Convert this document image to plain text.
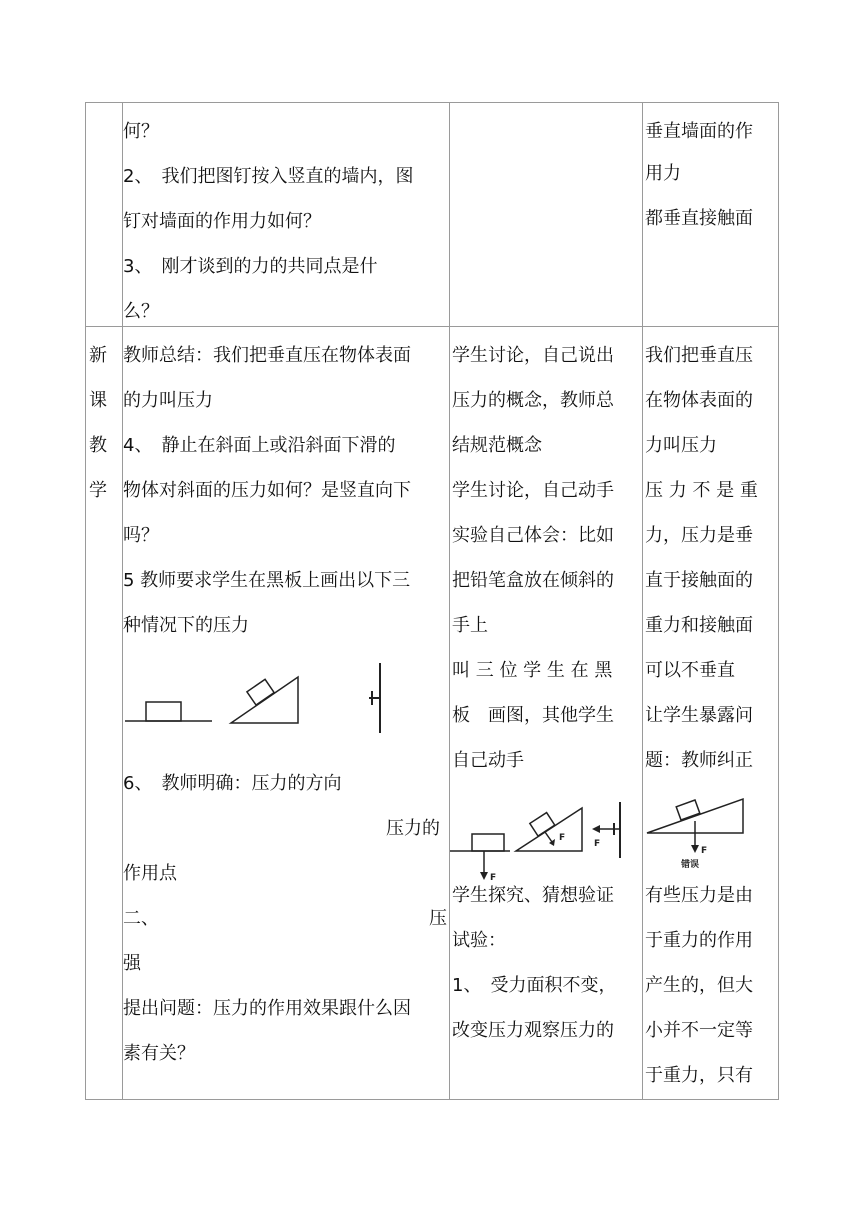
何？
2、　我们把图钉按入竖直的墙内，图
钉对墙面的作用力如何？
3、　刚才谈到的力的共同点是什
么？
垂直墙面的作
用力
都垂直接触面
新
课
教
学
教师总结：我们把垂直压在物体表面
的力叫压力
4、　静止在斜面上或沿斜面下滑的
物体对斜面的压力如何？是竖直向下
吗？
5 教师要求学生在黑板上画出以下三
种情况下的压力
6、　教师明确：压力的方向
压力的
作用点
二、	压
强
提出问题：压力的作用效果跟什么因
素有关？
学生讨论，自己说出
压力的概念，教师总
结规范概念
学生讨论，自己动手
实验自己体会：比如
把铅笔盒放在倾斜的
手上
叫 三 位 学 生 在 黑
板　画图，其他学生
自己动手
F
F
F
学生探究、猜想验证
试验：
1、　受力面积不变，
改变压力观察压力的
我们把垂直压
在物体表面的
力叫压力
压 力 不 是 重
力，压力是垂
直于接触面的
重力和接触面
可以不垂直
让学生暴露问
题：教师纠正
F
错误
有些压力是由
于重力的作用
产生的，但大
小并不一定等
于重力，只有
